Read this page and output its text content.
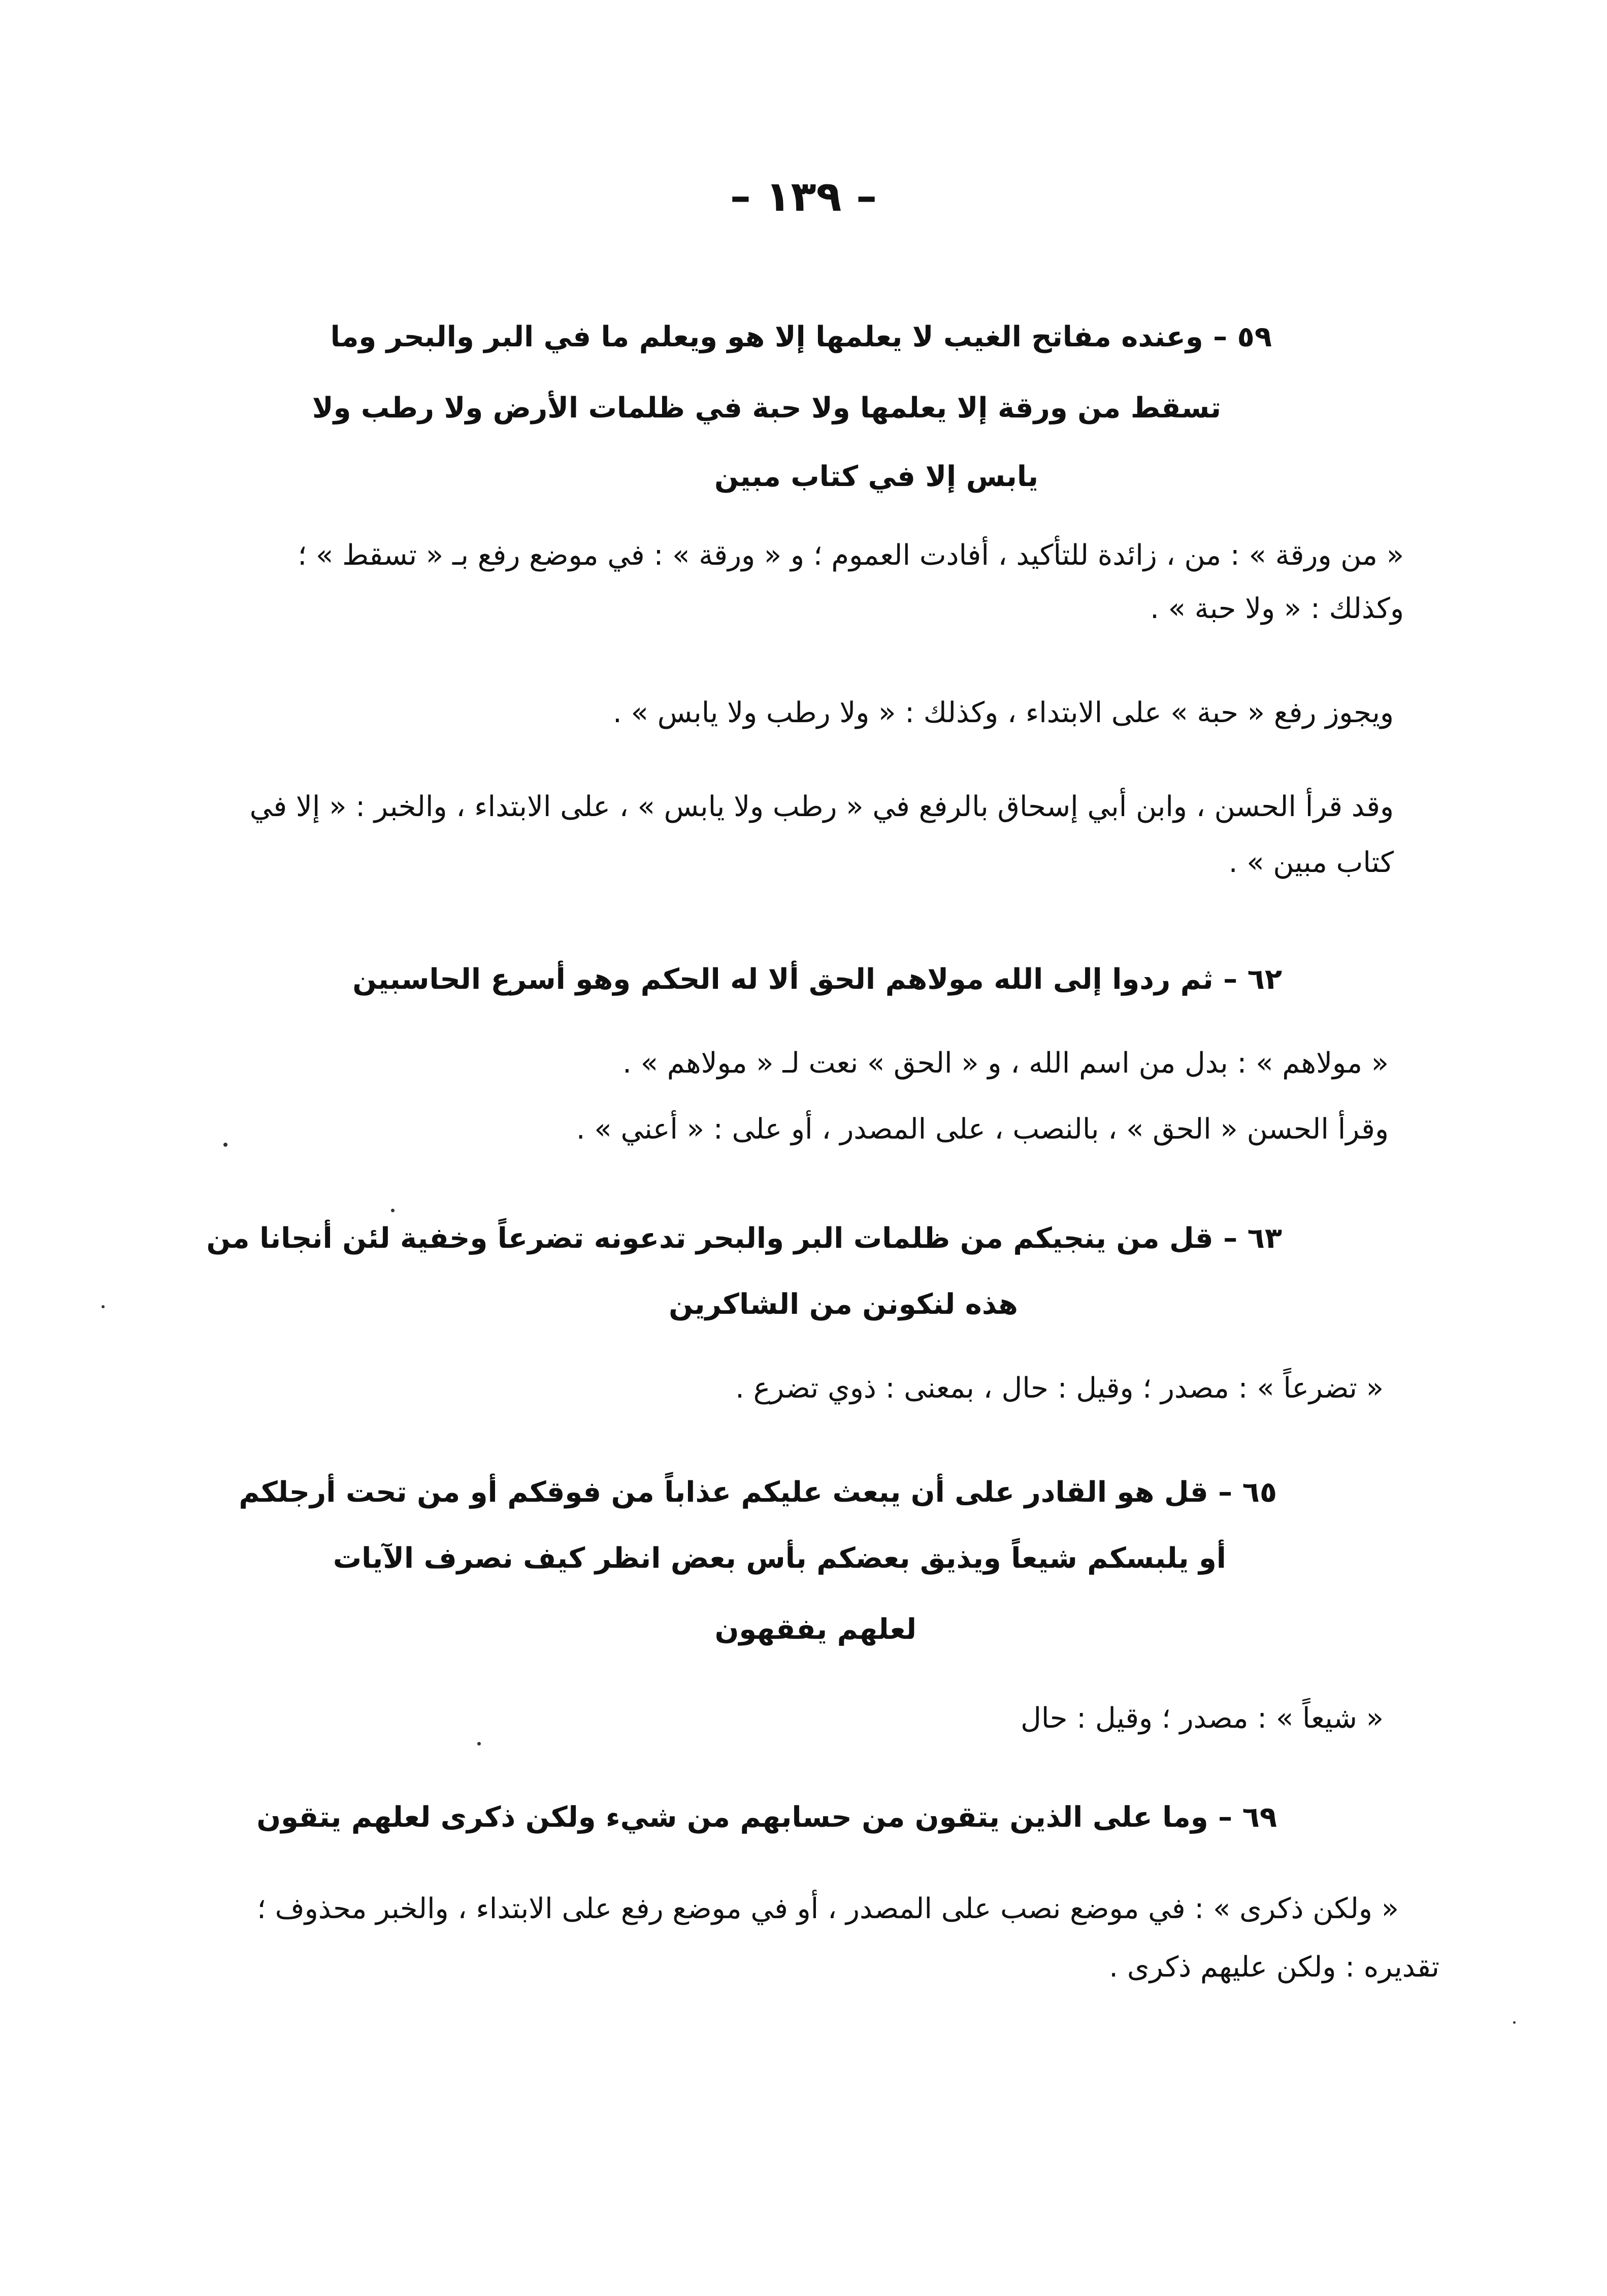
– ١٣٩ –
٥٩ – وعنده مفاتح الغيب لا يعلمها إلا هو ويعلم ما في البر والبحر وما
تسقط من ورقة إلا يعلمها ولا حبة في ظلمات الأرض ولا رطب ولا
يابس إلا في كتاب مبين
« من ورقة » : من ، زائدة للتأكيد ، أفادت العموم ؛ و « ورقة » : في موضع رفع بـ « تسقط » ؛
وكذلك : « ولا حبة » .
ويجوز رفع « حبة » على الابتداء ، وكذلك : « ولا رطب ولا يابس » .
وقد قرأ الحسن ، وابن أبي إسحاق بالرفع في « رطب ولا يابس » ، على الابتداء ، والخبر : « إلا في
كتاب مبين » .
٦٢ – ثم ردوا إلى الله مولاهم الحق ألا له الحكم وهو أسرع الحاسبين
« مولاهم » : بدل من اسم الله ، و « الحق » نعت لـ « مولاهم » .
وقرأ الحسن « الحق » ، بالنصب ، على المصدر ، أو على : « أعني » .
٦٣ – قل من ينجيكم من ظلمات البر والبحر تدعونه تضرعاً وخفية لئن أنجانا من
هذه لنكونن من الشاكرين
« تضرعاً » : مصدر ؛ وقيل : حال ، بمعنى : ذوي تضرع .
٦٥ – قل هو القادر على أن يبعث عليكم عذاباً من فوقكم أو من تحت أرجلكم
أو يلبسكم شيعاً ويذيق بعضكم بأس بعض انظر كيف نصرف الآيات
لعلهم يفقهون
« شيعاً » : مصدر ؛ وقيل : حال
٦٩ – وما على الذين يتقون من حسابهم من شيء ولكن ذكرى لعلهم يتقون
« ولكن ذكرى » : في موضع نصب على المصدر ، أو في موضع رفع على الابتداء ، والخبر محذوف ؛
تقديره : ولكن عليهم ذكرى .
